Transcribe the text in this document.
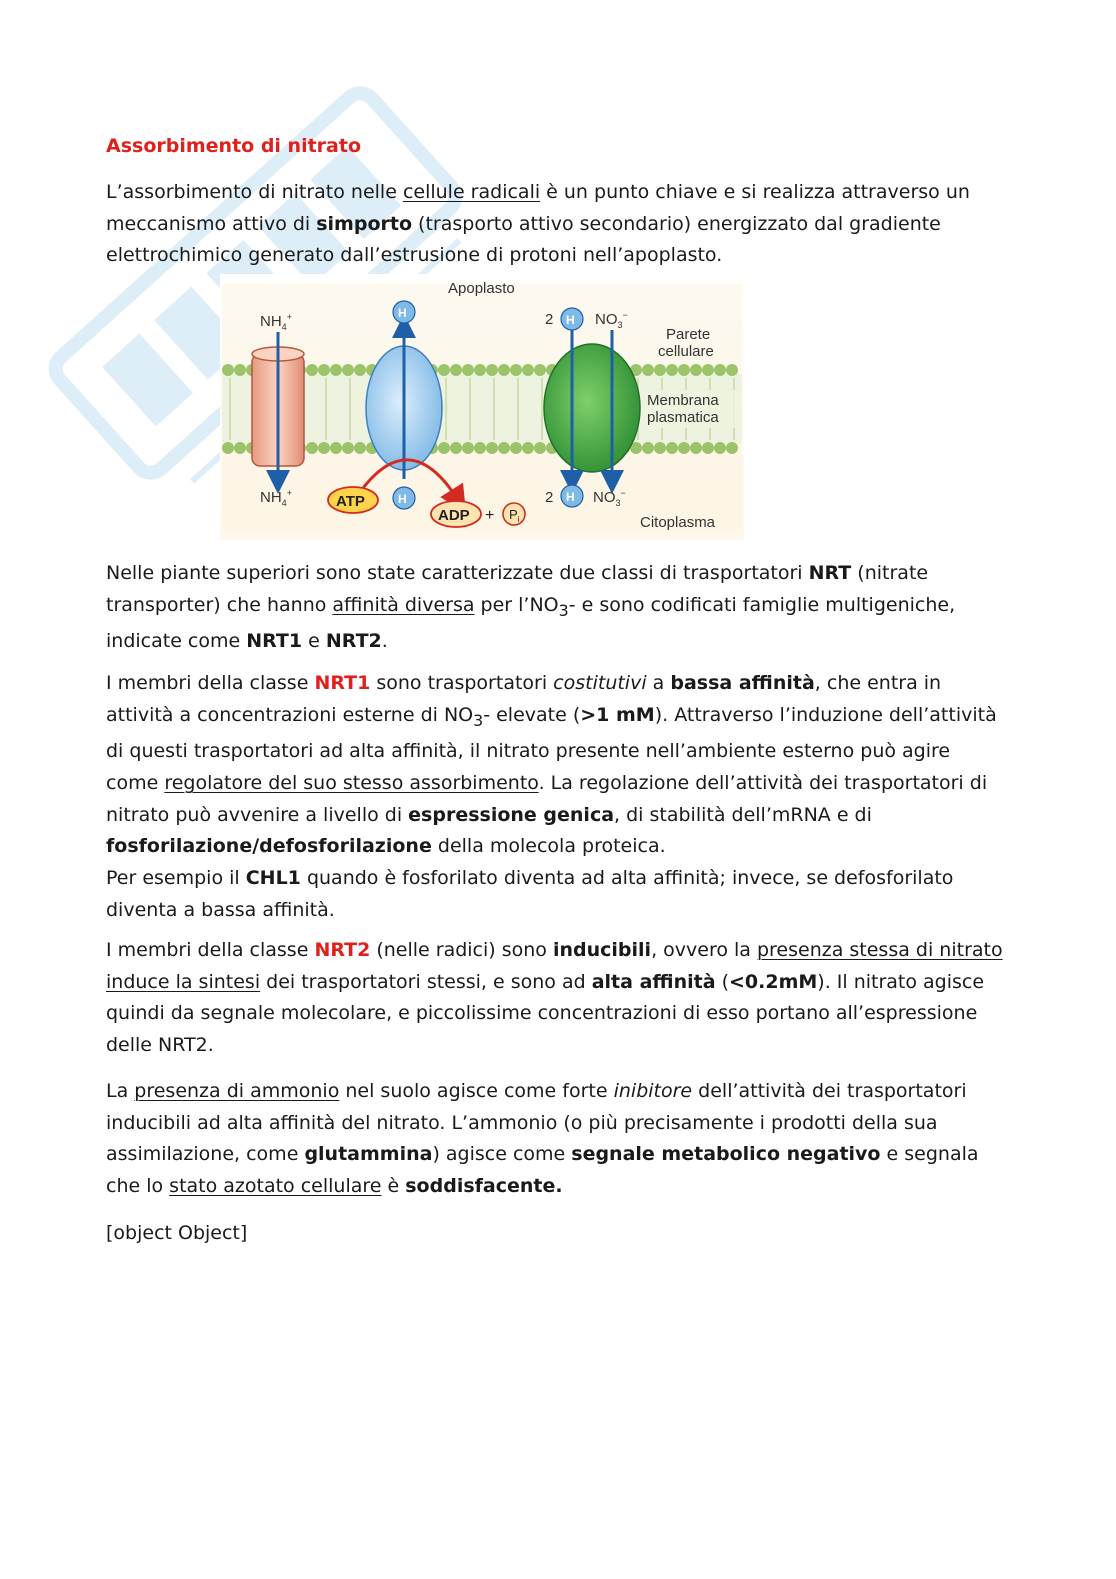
Assorbimento di nitrato

L’assorbimento di nitrato nelle cellule radicali è un punto chiave e si realizza attraverso un meccanismo attivo di simporto (trasporto attivo secondario) energizzato dal gradiente elettrochimico generato dall’estrusione di protoni nell’apoplasto.

$NH_4^+$
$NH_4^+$
H
H
ATP
ADP + $P_i$
2 H $NO_3^-$
2 H $NO_3^-$
Apoplasto
Parete
cellulare
Membrana
plasmatica
Citoplasma

Nelle piante superiori sono state caratterizzate due classi di trasportatori NRT (nitrate transporter) che hanno affinità diversa per $l’NO_3-$ e sono codificati famiglie multigeniche, indicate come NRT1 e NRT2.

I membri della classe NRT1 sono trasportatori costitutivi a bassa affinità, che entra in attività a concentrazioni esterne di $NO_3-$ elevate (>1 mM). Attraverso l’induzione dell’attività di questi trasportatori ad alta affinità, il nitrato presente nell’ambiente esterno può agire come regolatore del suo stesso assorbimento. La regolazione dell’attività dei trasportatori di nitrato può avvenire a livello di espressione genica, di stabilità dell’mRNA e di fosforilazione/defosforilazione della molecola proteica.
Per esempio il CHL1 quando è fosforilato diventa ad alta affinità; invece, se defosforilato diventa a bassa affinità.

I membri della classe NRT2 (nelle radici) sono inducibili, ovvero la presenza stessa di nitrato induce la sintesi dei trasportatori stessi, e sono ad alta affinità (<0.2mM). Il nitrato agisce quindi da segnale molecolare, e piccolissime concentrazioni di esso portano all’espressione delle NRT2.

La presenza di ammonio nel suolo agisce come forte inibitore dell’attività dei trasportatori inducibili ad alta affinità del nitrato. L’ammonio (o più precisamente i prodotti della sua assimilazione, come glutammina) agisce come segnale metabolico negativo e segnala che lo stato azotato cellulare è soddisfacente.

[object Object]
